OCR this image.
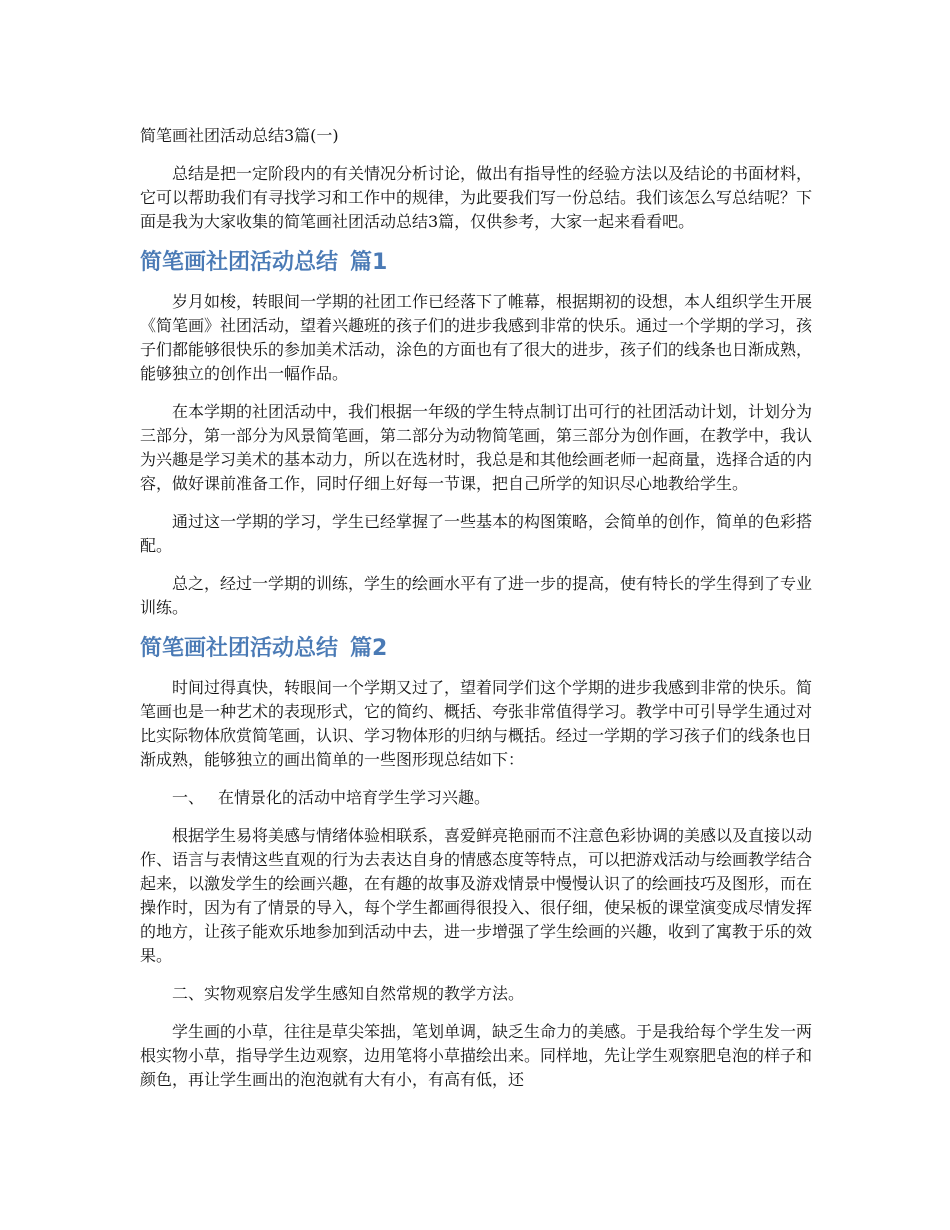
简笔画社团活动总结3篇(一)

总结是把一定阶段内的有关情况分析讨论，做出有指导性的经验方法以及结论的书面材料，它可以帮助我们有寻找学习和工作中的规律，为此要我们写一份总结。我们该怎么写总结呢？下面是我为大家收集的简笔画社团活动总结3篇，仅供参考，大家一起来看看吧。

简笔画社团活动总结 篇1

岁月如梭，转眼间一学期的社团工作已经落下了帷幕，根据期初的设想，本人组织学生开展《简笔画》社团活动，望着兴趣班的孩子们的进步我感到非常的快乐。通过一个学期的学习，孩子们都能够很快乐的参加美术活动，涂色的方面也有了很大的进步，孩子们的线条也日渐成熟，能够独立的创作出一幅作品。

在本学期的社团活动中，我们根据一年级的学生特点制订出可行的社团活动计划，计划分为三部分，第一部分为风景简笔画，第二部分为动物简笔画，第三部分为创作画，在教学中，我认为兴趣是学习美术的基本动力，所以在选材时，我总是和其他绘画老师一起商量，选择合适的内容，做好课前准备工作，同时仔细上好每一节课，把自己所学的知识尽心地教给学生。

通过这一学期的学习，学生已经掌握了一些基本的构图策略，会简单的创作，简单的色彩搭配。

总之，经过一学期的训练，学生的绘画水平有了进一步的提高，使有特长的学生得到了专业训练。

简笔画社团活动总结 篇2

时间过得真快，转眼间一个学期又过了，望着同学们这个学期的进步我感到非常的快乐。简笔画也是一种艺术的表现形式，它的简约、概括、夸张非常值得学习。教学中可引导学生通过对比实际物体欣赏简笔画，认识、学习物体形的归纳与概括。经过一学期的学习孩子们的线条也日渐成熟，能够独立的画出简单的一些图形现总结如下：

一、 在情景化的活动中培育学生学习兴趣。

根据学生易将美感与情绪体验相联系，喜爱鲜亮艳丽而不注意色彩协调的美感以及直接以动作、语言与表情这些直观的行为去表达自身的情感态度等特点，可以把游戏活动与绘画教学结合起来，以激发学生的绘画兴趣，在有趣的故事及游戏情景中慢慢认识了的绘画技巧及图形，而在操作时，因为有了情景的导入，每个学生都画得很投入、很仔细，使呆板的课堂演变成尽情发挥的地方，让孩子能欢乐地参加到活动中去，进一步增强了学生绘画的兴趣，收到了寓教于乐的效果。

二、实物观察启发学生感知自然常规的教学方法。

学生画的小草，往往是草尖笨拙，笔划单调，缺乏生命力的美感。于是我给每个学生发一两根实物小草，指导学生边观察，边用笔将小草描绘出来。同样地，先让学生观察肥皂泡的样子和颜色，再让学生画出的泡泡就有大有小，有高有低，还
